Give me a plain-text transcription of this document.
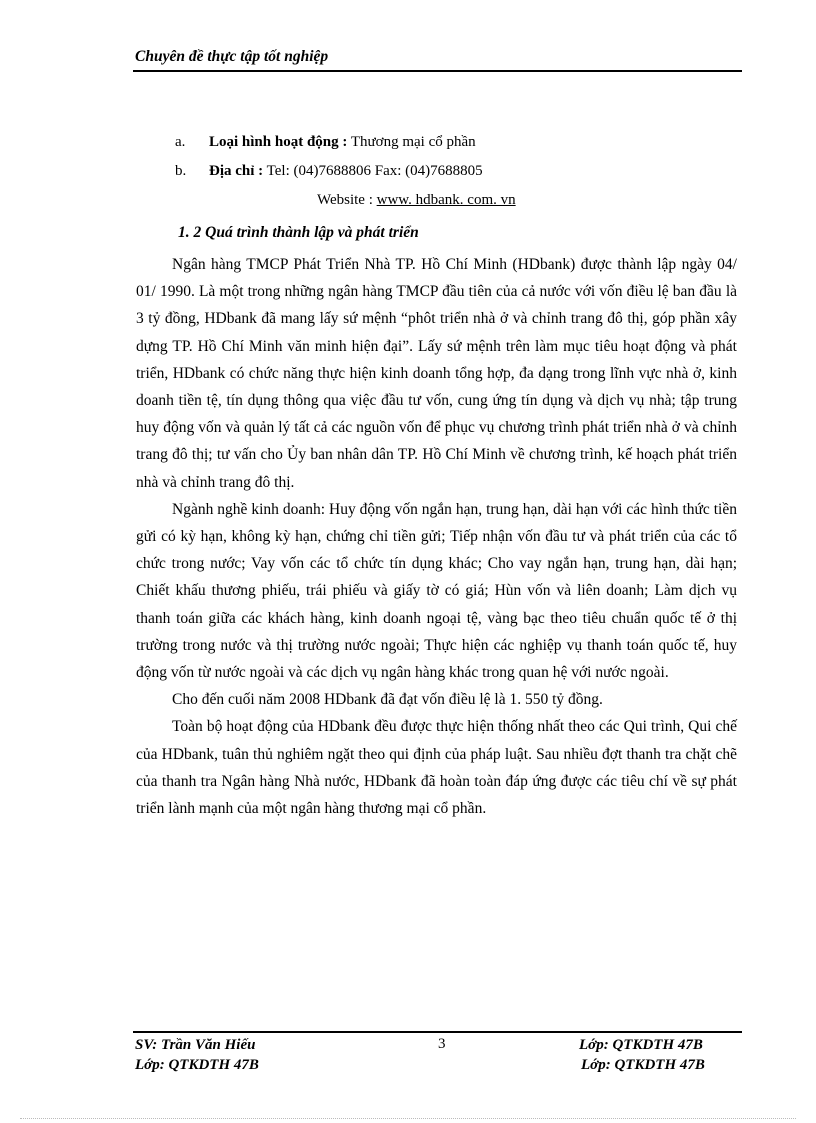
Chuyên đề thực tập tốt nghiệp
a. Loại hình hoạt động : Thương mại cổ phần
b. Địa chỉ : Tel: (04)7688806 Fax: (04)7688805
Website : www. hdbank. com. vn
1. 2 Quá trình thành lập và phát triển

Ngân hàng TMCP Phát Triển Nhà TP. Hồ Chí Minh (HDbank) được thành lập ngày 04/ 01/ 1990. Là một trong những ngân hàng TMCP đầu tiên của cả nước với vốn điều lệ ban đầu là 3 tỷ đồng, HDbank đã mang lấy sứ mệnh “phôt triển nhà ở và chỉnh trang đô thị, góp phần xây dựng TP. Hồ Chí Minh văn minh hiện đại”. Lấy sứ mệnh trên làm mục tiêu hoạt động và phát triển, HDbank có chức năng thực hiện kinh doanh tổng hợp, đa dạng trong lĩnh vực nhà ở, kinh doanh tiền tệ, tín dụng thông qua việc đầu tư vốn, cung ứng tín dụng và dịch vụ nhà; tập trung huy động vốn và quản lý tất cả các nguồn vốn để phục vụ chương trình phát triển nhà ở và chỉnh trang đô thị; tư vấn cho Ủy ban nhân dân TP. Hồ Chí Minh về chương trình, kế hoạch phát triển nhà và chỉnh trang đô thị.

Ngành nghề kinh doanh: Huy động vốn ngắn hạn, trung hạn, dài hạn với các hình thức tiền gửi có kỳ hạn, không kỳ hạn, chứng chỉ tiền gửi; Tiếp nhận vốn đầu tư và phát triển của các tổ chức trong nước; Vay vốn các tổ chức tín dụng khác; Cho vay ngắn hạn, trung hạn, dài hạn; Chiết khấu thương phiếu, trái phiếu và giấy tờ có giá; Hùn vốn và liên doanh; Làm dịch vụ thanh toán giữa các khách hàng, kinh doanh ngoại tệ, vàng bạc theo tiêu chuẩn quốc tế ở thị trường trong nước và thị trường nước ngoài; Thực hiện các nghiệp vụ thanh toán quốc tế, huy động vốn từ nước ngoài và các dịch vụ ngân hàng khác trong quan hệ với nước ngoài.

Cho đến cuối năm 2008 HDbank đã đạt vốn điều lệ là 1. 550 tỷ đồng.

Toàn bộ hoạt động của HDbank đều được thực hiện thống nhất theo các Qui trình, Qui chế của HDbank, tuân thủ nghiêm ngặt theo qui định của pháp luật. Sau nhiều đợt thanh tra chặt chẽ của thanh tra Ngân hàng Nhà nước, HDbank đã hoàn toàn đáp ứng được các tiêu chí về sự phát triển lành mạnh của một ngân hàng thương mại cổ phần.

SV: Trần Văn Hiếu
Lớp: QTKDTH 47B
3	Lớp: QTKDTH 47B
Lớp: QTKDTH 47B
